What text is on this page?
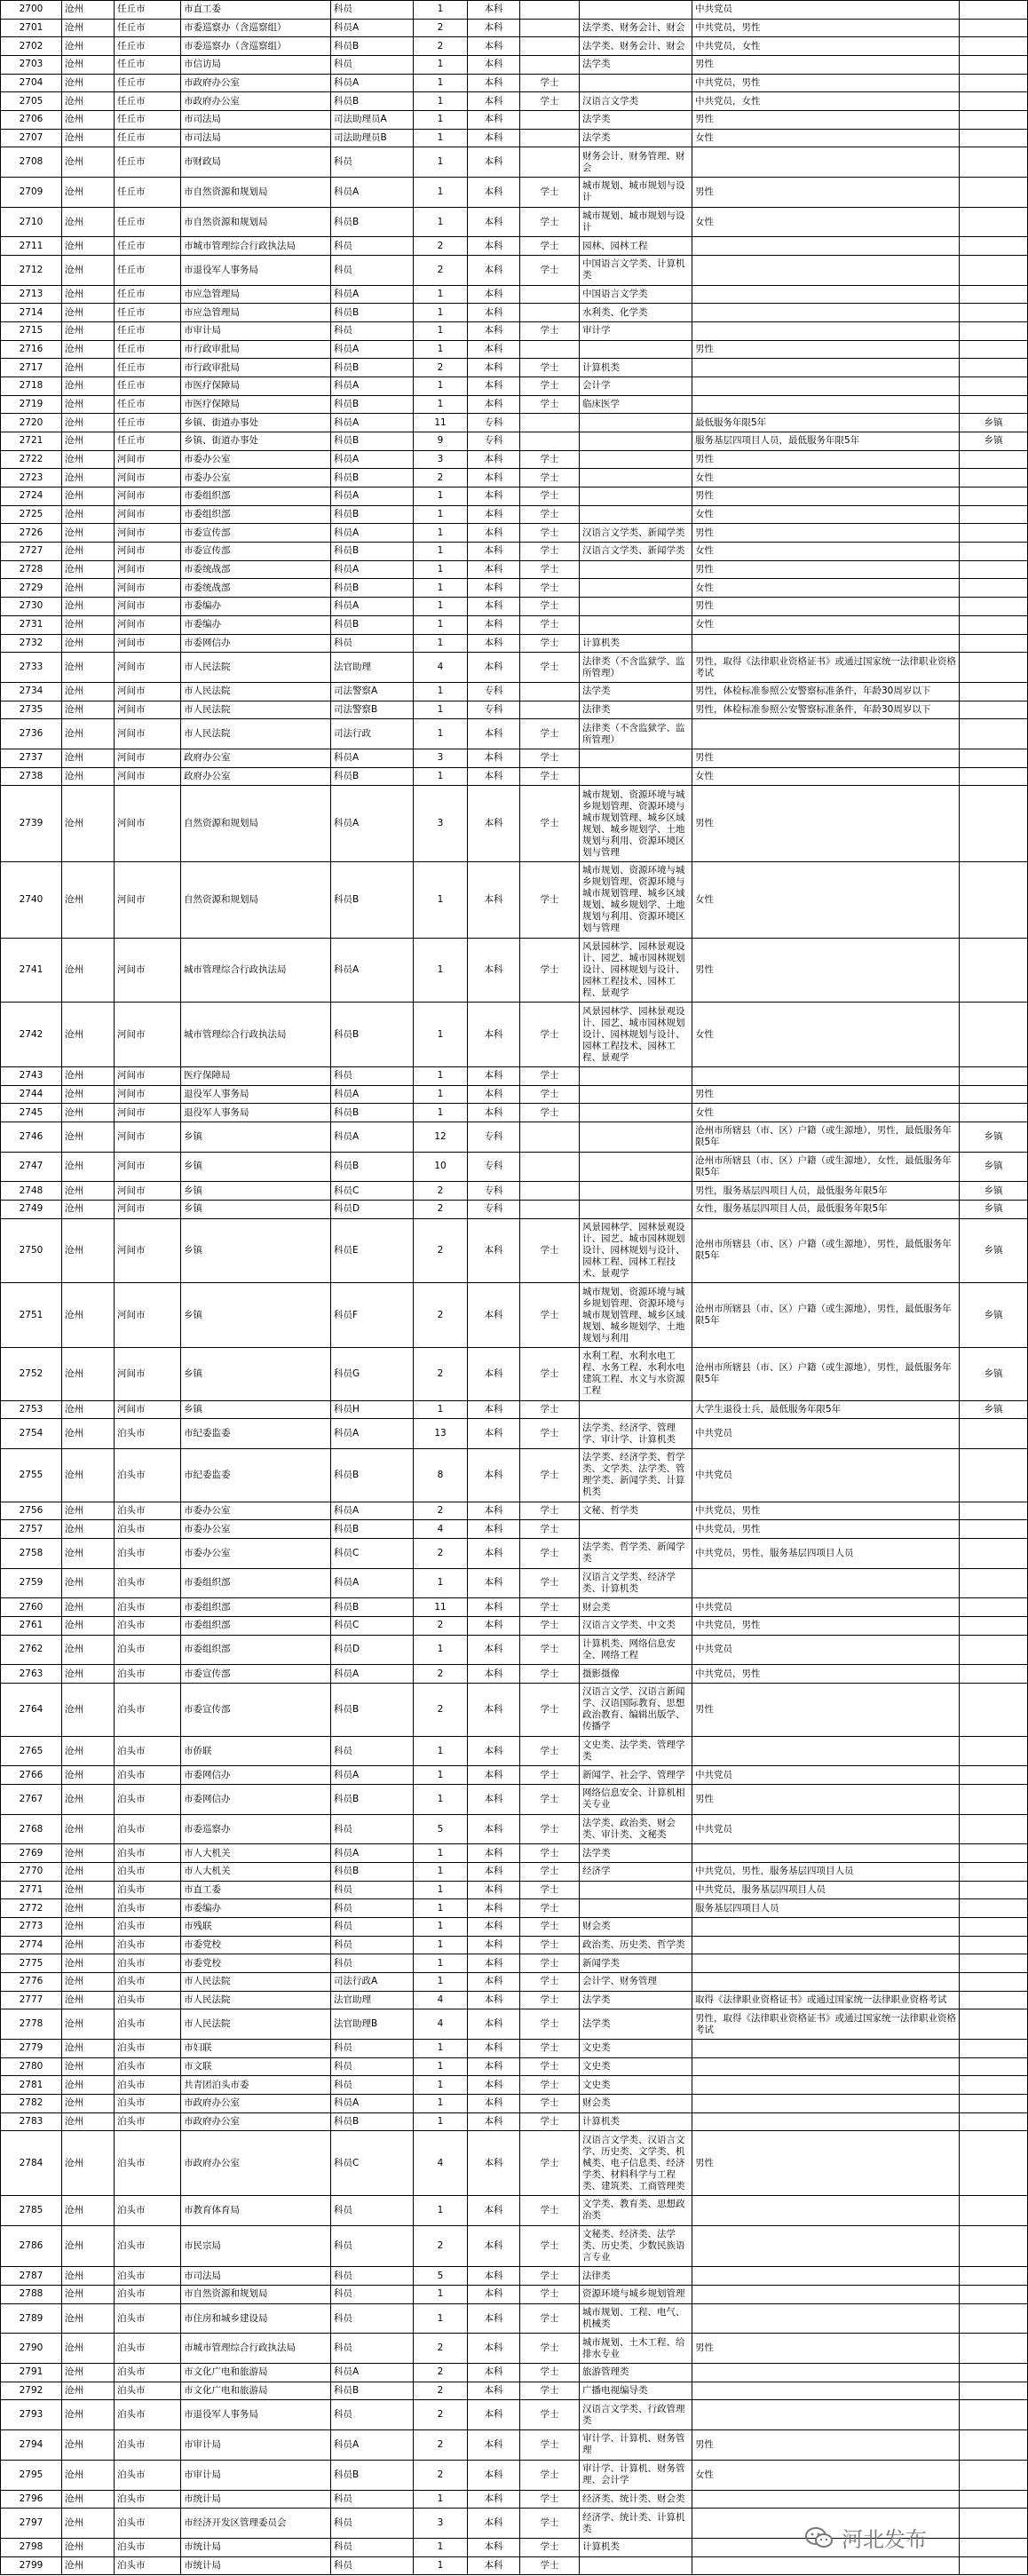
2700	沧州	任丘市	市直工委	科员	1	本科			中共党员	
2701	沧州	任丘市	市委巡察办（含巡察组）	科员A	2	本科		法学类、财务会计、财会	中共党员，男性	
2702	沧州	任丘市	市委巡察办（含巡察组）	科员B	2	本科		法学类、财务会计、财会	中共党员，女性	
2703	沧州	任丘市	市信访局	科员	1	本科		法学类	男性	
2704	沧州	任丘市	市政府办公室	科员A	1	本科	学士		中共党员，男性	
2705	沧州	任丘市	市政府办公室	科员B	1	本科	学士	汉语言文学类	中共党员，女性	
2706	沧州	任丘市	市司法局	司法助理员A	1	本科		法学类	男性	
2707	沧州	任丘市	市司法局	司法助理员B	1	本科		法学类	女性	
2708	沧州	任丘市	市财政局	科员	1	本科		财务会计、财务管理、财会		
2709	沧州	任丘市	市自然资源和规划局	科员A	1	本科	学士	城市规划、城市规划与设计	男性	
2710	沧州	任丘市	市自然资源和规划局	科员B	1	本科	学士	城市规划、城市规划与设计	女性	
2711	沧州	任丘市	市城市管理综合行政执法局	科员	2	本科	学士	园林、园林工程		
2712	沧州	任丘市	市退役军人事务局	科员	2	本科	学士	中国语言文学类、计算机类		
2713	沧州	任丘市	市应急管理局	科员A	1	本科		中国语言文学类		
2714	沧州	任丘市	市应急管理局	科员B	1	本科		水利类、化学类		
2715	沧州	任丘市	市审计局	科员	1	本科	学士	审计学		
2716	沧州	任丘市	市行政审批局	科员A	1	本科			男性	
2717	沧州	任丘市	市行政审批局	科员B	2	本科	学士	计算机类		
2718	沧州	任丘市	市医疗保障局	科员A	1	本科	学士	会计学		
2719	沧州	任丘市	市医疗保障局	科员B	1	本科	学士	临床医学		
2720	沧州	任丘市	乡镇、街道办事处	科员A	11	专科			最低服务年限5年	乡镇
2721	沧州	任丘市	乡镇、街道办事处	科员B	9	专科			服务基层四项目人员，最低服务年限5年	乡镇
2722	沧州	河间市	市委办公室	科员A	3	本科	学士		男性	
2723	沧州	河间市	市委办公室	科员B	2	本科	学士		女性	
2724	沧州	河间市	市委组织部	科员A	1	本科	学士		男性	
2725	沧州	河间市	市委组织部	科员B	1	本科	学士		女性	
2726	沧州	河间市	市委宣传部	科员A	1	本科	学士	汉语言文学类、新闻学类	男性	
2727	沧州	河间市	市委宣传部	科员B	1	本科	学士	汉语言文学类、新闻学类	女性	
2728	沧州	河间市	市委统战部	科员A	1	本科	学士		男性	
2729	沧州	河间市	市委统战部	科员B	1	本科	学士		女性	
2730	沧州	河间市	市委编办	科员A	1	本科	学士		男性	
2731	沧州	河间市	市委编办	科员B	1	本科	学士		女性	
2732	沧州	河间市	市委网信办	科员	1	本科	学士	计算机类		
2733	沧州	河间市	市人民法院	法官助理	4	本科	学士	法律类（不含监狱学、监所管理）	男性，取得《法律职业资格证书》或通过国家统一法律职业资格考试	
2734	沧州	河间市	市人民法院	司法警察A	1	专科		法学类	男性，体检标准参照公安警察标准条件，年龄30周岁以下	
2735	沧州	河间市	市人民法院	司法警察B	1	专科		法律类	男性，体检标准参照公安警察标准条件，年龄30周岁以下	
2736	沧州	河间市	市人民法院	司法行政	1	本科	学士	法律类（不含监狱学、监所管理）		
2737	沧州	河间市	政府办公室	科员A	3	本科	学士		男性	
2738	沧州	河间市	政府办公室	科员B	1	本科	学士		女性	
2739	沧州	河间市	自然资源和规划局	科员A	3	本科	学士	城市规划、资源环境与城乡规划管理、资源环境与城市规划管理、城乡区域规划、城乡规划学、土地规划与利用、资源环境区划与管理	男性	
2740	沧州	河间市	自然资源和规划局	科员B	1	本科	学士	城市规划、资源环境与城乡规划管理、资源环境与城市规划管理、城乡区域规划、城乡规划学、土地规划与利用、资源环境区划与管理	女性	
2741	沧州	河间市	城市管理综合行政执法局	科员A	1	本科	学士	风景园林学、园林景观设计、园艺、城市园林规划设计、园林规划与设计、园林工程技术、园林工程、景观学	男性	
2742	沧州	河间市	城市管理综合行政执法局	科员B	1	本科	学士	风景园林学、园林景观设计、园艺、城市园林规划设计、园林规划与设计、园林工程技术、园林工程、景观学	女性	
2743	沧州	河间市	医疗保障局	科员	1	本科	学士			
2744	沧州	河间市	退役军人事务局	科员A	1	本科	学士		男性	
2745	沧州	河间市	退役军人事务局	科员B	1	本科	学士		女性	
2746	沧州	河间市	乡镇	科员A	12	专科			沧州市所辖县（市、区）户籍（或生源地），男性，最低服务年限5年	乡镇
2747	沧州	河间市	乡镇	科员B	10	专科			沧州市所辖县（市、区）户籍（或生源地），女性，最低服务年限5年	乡镇
2748	沧州	河间市	乡镇	科员C	2	专科			男性，服务基层四项目人员，最低服务年限5年	乡镇
2749	沧州	河间市	乡镇	科员D	2	专科			女性，服务基层四项目人员，最低服务年限5年	乡镇
2750	沧州	河间市	乡镇	科员E	2	本科	学士	风景园林学、园林景观设计、园艺、城市园林规划设计、园林规划与设计、园林工程、园林工程技术、景观学	沧州市所辖县（市、区）户籍（或生源地），男性，最低服务年限5年	乡镇
2751	沧州	河间市	乡镇	科员F	2	本科	学士	城市规划、资源环境与城乡规划管理、资源环境与城市规划管理、城乡区域规划、城乡规划学、土地规划与利用	沧州市所辖县（市、区）户籍（或生源地），男性，最低服务年限5年	乡镇
2752	沧州	河间市	乡镇	科员G	2	本科	学士	水利工程、水利水电工程、水务工程、水利水电建筑工程、水文与水资源工程	沧州市所辖县（市、区）户籍（或生源地），男性，最低服务年限5年	乡镇
2753	沧州	河间市	乡镇	科员H	1	本科	学士		大学生退役士兵，最低服务年限5年	乡镇
2754	沧州	泊头市	市纪委监委	科员A	13	本科	学士	法学类、经济学、管理学、审计学、计算机类	中共党员	
2755	沧州	泊头市	市纪委监委	科员B	8	本科	学士	法学类、经济学类、哲学类、文学类、法学类、管理学类、新闻学类、计算机类	中共党员	
2756	沧州	泊头市	市委办公室	科员A	2	本科	学士	文秘、哲学类	中共党员，男性	
2757	沧州	泊头市	市委办公室	科员B	4	本科	学士		中共党员，男性	
2758	沧州	泊头市	市委办公室	科员C	2	本科	学士	法学类、哲学类、新闻学类	中共党员，男性，服务基层四项目人员	
2759	沧州	泊头市	市委组织部	科员A	1	本科	学士	汉语言文学类、经济学类、计算机类		
2760	沧州	泊头市	市委组织部	科员B	11	本科	学士	财会类	中共党员	
2761	沧州	泊头市	市委组织部	科员C	2	本科	学士	汉语言文学类、中文类	中共党员，男性	
2762	沧州	泊头市	市委组织部	科员D	1	本科	学士	计算机类、网络信息安全、网络工程	中共党员	
2763	沧州	泊头市	市委宣传部	科员A	2	本科	学士	摄影摄像	中共党员，男性	
2764	沧州	泊头市	市委宣传部	科员B	2	本科	学士	汉语言文学、汉语言新闻学、汉语国际教育、思想政治教育、编辑出版学、传播学	男性	
2765	沧州	泊头市	市侨联	科员	1	本科	学士	文史类、法学类、管理学类		
2766	沧州	泊头市	市委网信办	科员A	1	本科	学士	新闻学、社会学、管理学	中共党员	
2767	沧州	泊头市	市委网信办	科员B	1	本科	学士	网络信息安全、计算机相关专业	男性	
2768	沧州	泊头市	市委巡察办	科员	5	本科	学士	法学类、政治类、财会类、审计类、文秘类	中共党员	
2769	沧州	泊头市	市人大机关	科员A	1	本科	学士	法学类		
2770	沧州	泊头市	市人大机关	科员B	1	本科	学士	经济学	中共党员，男性，服务基层四项目人员	
2771	沧州	泊头市	市直工委	科员	1	本科	学士		中共党员，服务基层四项目人员	
2772	沧州	泊头市	市委编办	科员	1	本科	学士		服务基层四项目人员	
2773	沧州	泊头市	市残联	科员	1	本科	学士	财会类		
2774	沧州	泊头市	市委党校	科员	1	本科	学士	政治类、历史类、哲学类		
2775	沧州	泊头市	市委党校	科员	1	本科	学士	新闻学类		
2776	沧州	泊头市	市人民法院	司法行政A	1	本科	学士	会计学、财务管理		
2777	沧州	泊头市	市人民法院	法官助理	4	本科	学士	法学类	取得《法律职业资格证书》或通过国家统一法律职业资格考试	
2778	沧州	泊头市	市人民法院	法官助理B	4	本科	学士	法学类	男性，取得《法律职业资格证书》或通过国家统一法律职业资格考试	
2779	沧州	泊头市	市妇联	科员	1	本科	学士	文史类		
2780	沧州	泊头市	市文联	科员	1	本科	学士	文史类		
2781	沧州	泊头市	共青团泊头市委	科员	1	本科	学士	文史类		
2782	沧州	泊头市	市政府办公室	科员A	1	本科	学士	财会类		
2783	沧州	泊头市	市政府办公室	科员B	1	本科	学士	计算机类		
2784	沧州	泊头市	市政府办公室	科员C	4	本科	学士	汉语言文学类、汉语言文学、历史类、文学类、机械类、电子信息类、经济学类、材料科学与工程类、建筑类、工商管理类	男性	
2785	沧州	泊头市	市教育体育局	科员	1	本科	学士	文学类、教育类、思想政治类		
2786	沧州	泊头市	市民宗局	科员	2	本科	学士	文秘类、经济类、法学类、历史类、少数民族语言专业		
2787	沧州	泊头市	市司法局	科员	5	本科	学士	法律类		
2788	沧州	泊头市	市自然资源和规划局	科员	1	本科	学士	资源环境与城乡规划管理		
2789	沧州	泊头市	市住房和城乡建设局	科员	1	本科	学士	城市规划、工程、电气、机械类		
2790	沧州	泊头市	市城市管理综合行政执法局	科员	2	本科	学士	城市规划、土木工程、给排水专业	男性	
2791	沧州	泊头市	市文化广电和旅游局	科员A	2	本科	学士	旅游管理类		
2792	沧州	泊头市	市文化广电和旅游局	科员B	2	本科	学士	广播电视编导类		
2793	沧州	泊头市	市退役军人事务局	科员	2	本科	学士	汉语言文学类、行政管理类		
2794	沧州	泊头市	市审计局	科员A	2	本科	学士	审计学、计算机、财务管理	男性	
2795	沧州	泊头市	市审计局	科员B	2	本科	学士	审计学、计算机、财务管理、会计学	女性	
2796	沧州	泊头市	市统计局	科员	1	本科	学士	经济类、统计类、财会类		
2797	沧州	泊头市	市经济开发区管理委员会	科员	3	本科	学士	经济学、统计类、计算机类		
2798	沧州	泊头市	市统计局	科员	1	本科	学士	计算机类		
2799	沧州	泊头市	市统计局	科员	1	本科	学士			
河北发布
